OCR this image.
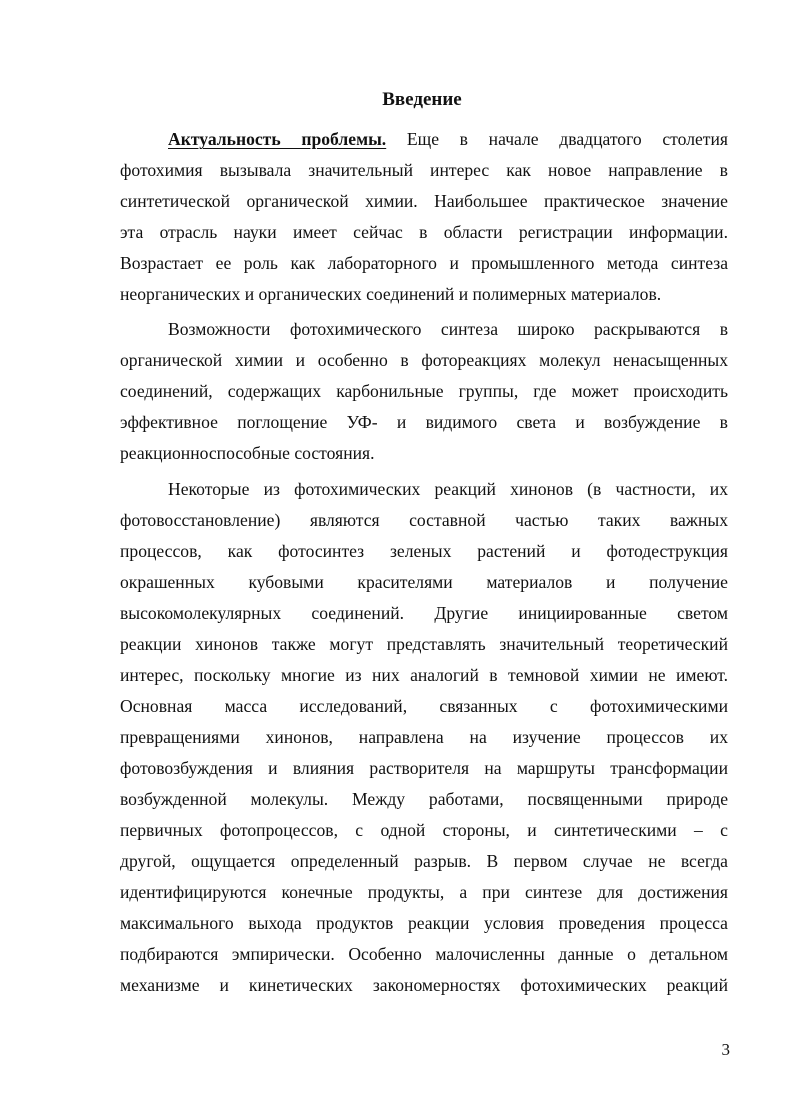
Введение
Актуальность проблемы. Еще в начале двадцатого столетия
фотохимия вызывала значительный интерес как новое направление в
синтетической органической химии. Наибольшее практическое значение
эта отрасль науки имеет сейчас в области регистрации информации.
Возрастает ее роль как лабораторного и промышленного метода синтеза
неорганических и органических соединений и полимерных материалов.
Возможности фотохимического синтеза широко раскрываются в
органической химии и особенно в фотореакциях молекул ненасыщенных
соединений, содержащих карбонильные группы, где может происходить
эффективное поглощение УФ- и видимого света и возбуждение в
реакционноспособные состояния.
Некоторые из фотохимических реакций хинонов (в частности, их
фотовосстановление) являются составной частью таких важных
процессов, как фотосинтез зеленых растений и фотодеструкция
окрашенных кубовыми красителями материалов и получение
высокомолекулярных соединений. Другие инициированные светом
реакции хинонов также могут представлять значительный теоретический
интерес, поскольку многие из них аналогий в темновой химии не имеют.
Основная масса исследований, связанных с фотохимическими
превращениями хинонов, направлена на изучение процессов их
фотовозбуждения и влияния растворителя на маршруты трансформации
возбужденной молекулы. Между работами, посвященными природе
первичных фотопроцессов, с одной стороны, и синтетическими – с
другой, ощущается определенный разрыв. В первом случае не всегда
идентифицируются конечные продукты, а при синтезе для достижения
максимального выхода продуктов реакции условия проведения процесса
подбираются эмпирически. Особенно малочисленны данные о детальном
механизме и кинетических закономерностях фотохимических реакций
3
